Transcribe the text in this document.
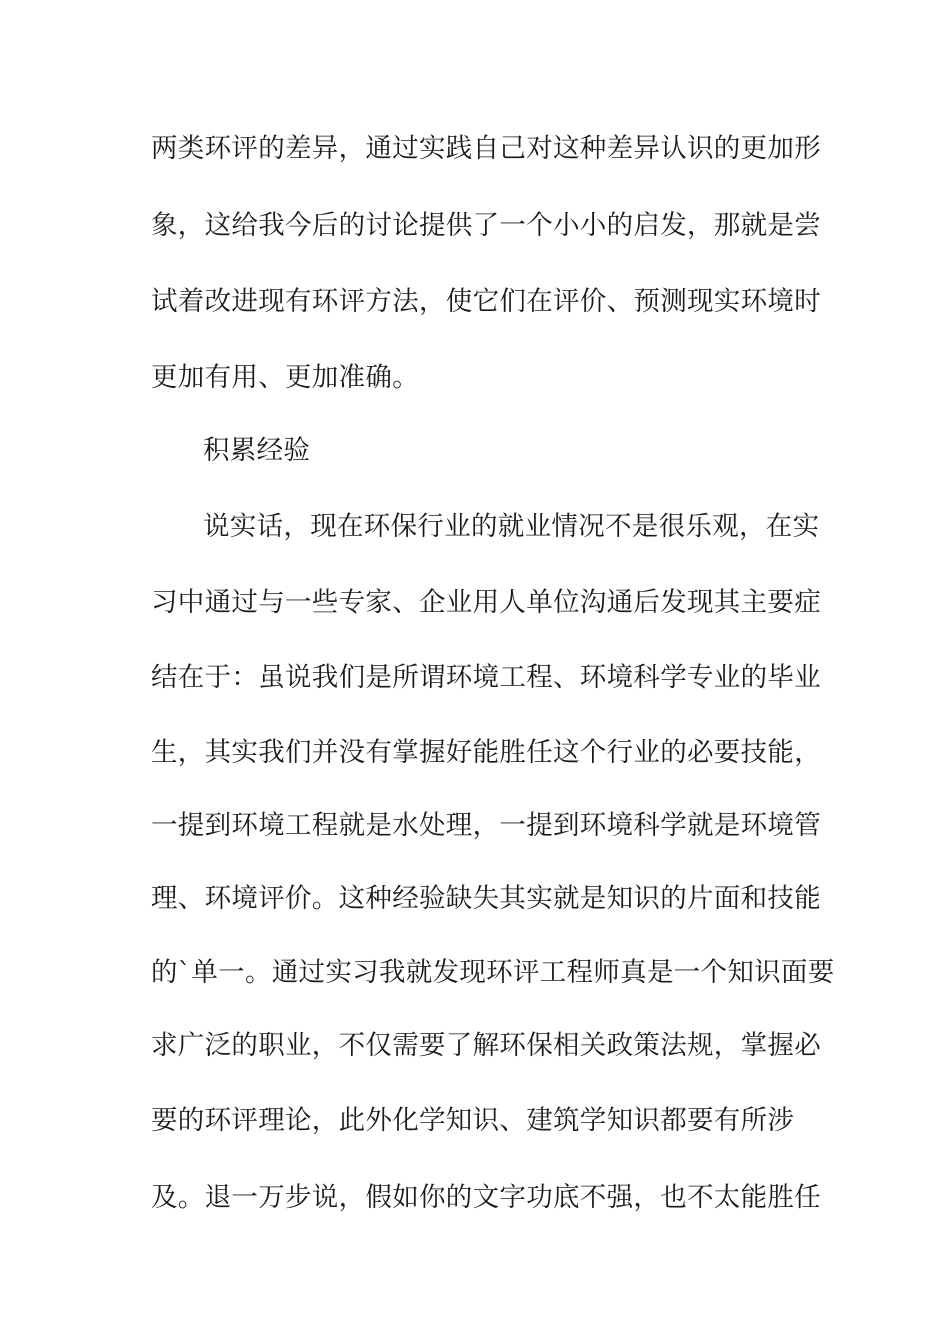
两类环评的差异，通过实践自己对这种差异认识的更加形
象，这给我今后的讨论提供了一个小小的启发，那就是尝
试着改进现有环评方法，使它们在评价、预测现实环境时
更加有用、更加准确。
积累经验
说实话，现在环保行业的就业情况不是很乐观，在实
习中通过与一些专家、企业用人单位沟通后发现其主要症
结在于：虽说我们是所谓环境工程、环境科学专业的毕业
生，其实我们并没有掌握好能胜任这个行业的必要技能，
一提到环境工程就是水处理，一提到环境科学就是环境管
理、环境评价。这种经验缺失其实就是知识的片面和技能
的`单一。通过实习我就发现环评工程师真是一个知识面要
求广泛的职业，不仅需要了解环保相关政策法规，掌握必
要的环评理论，此外化学知识、建筑学知识都要有所涉
及。退一万步说，假如你的文字功底不强，也不太能胜任
